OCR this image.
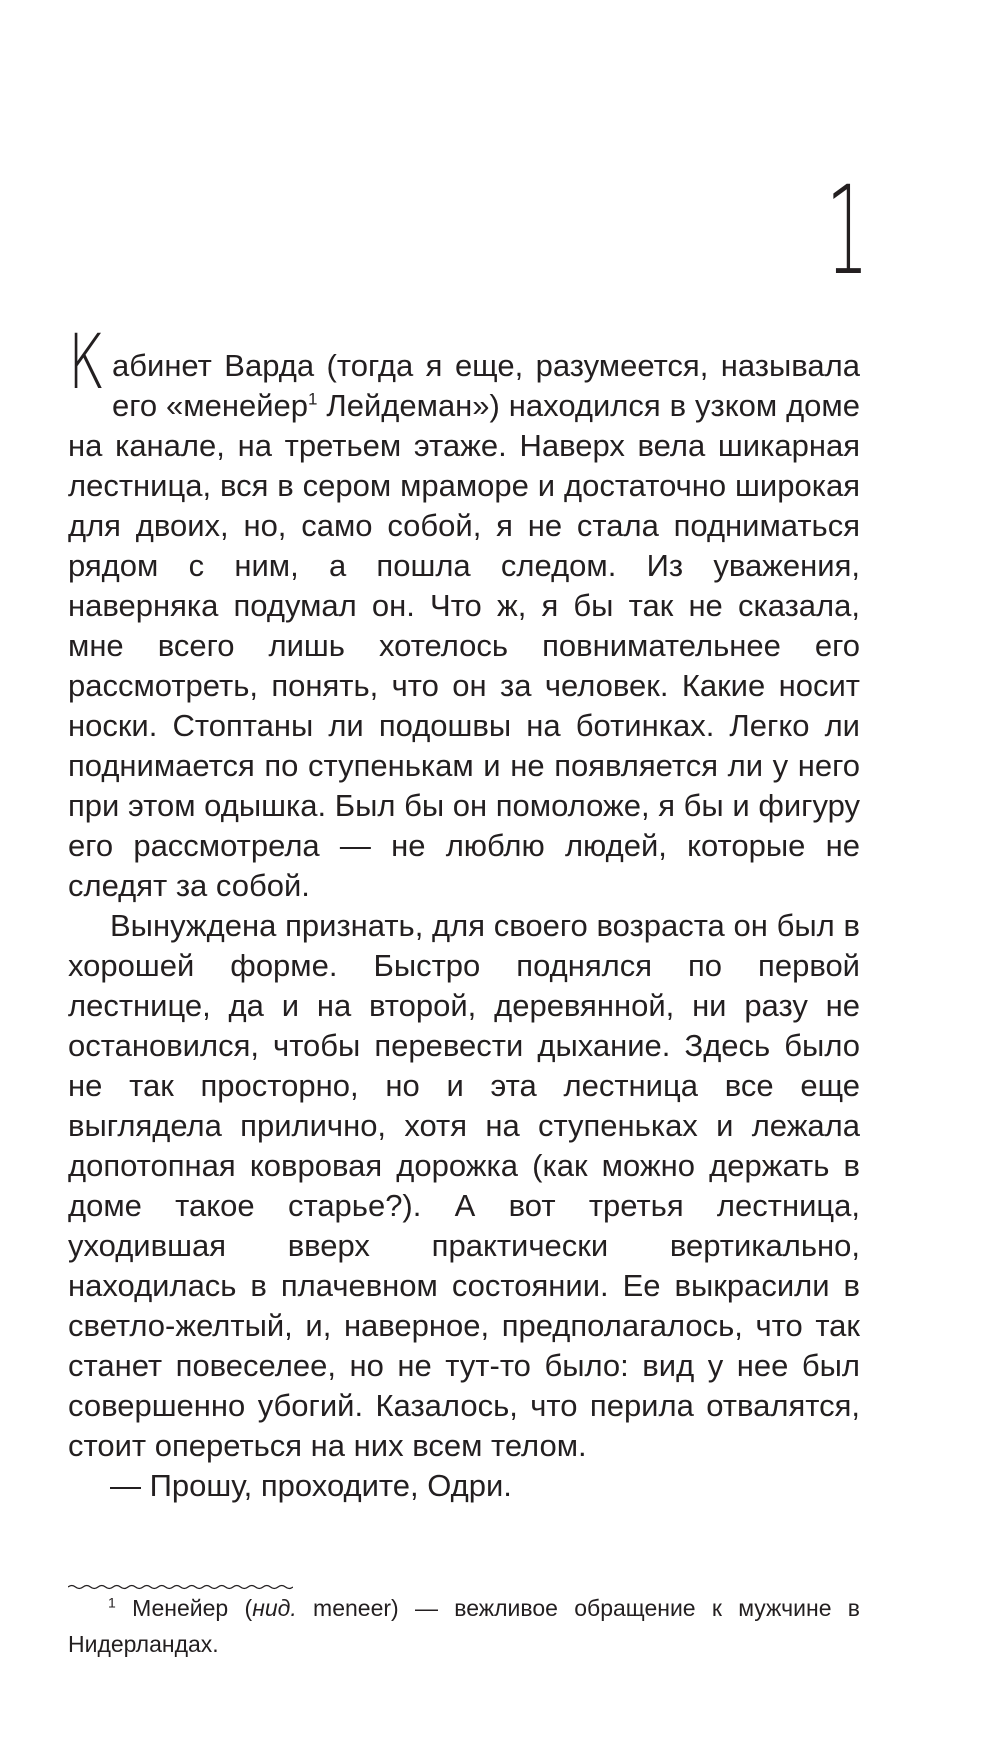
1

Кабинет Варда (тогда я еще, разумеется, называла его «менейер$^1$ Лейдеман») находился в узком доме на канале, на третьем этаже. Наверх вела шикарная лестница, вся в сером мраморе и достаточно широкая для двоих, но, само собой, я не стала подниматься рядом с ним, а пошла следом. Из уважения, наверняка подумал он. Что ж, я бы так не сказала, мне всего лишь хотелось повнимательнее его рассмотреть, понять, что он за человек. Какие носит носки. Стоптаны ли подошвы на ботинках. Легко ли поднимается по ступенькам и не появляется ли у него при этом одышка. Был бы он помоложе, я бы и фигуру его рассмотрела — не люблю людей, которые не следят за собой.

Вынуждена признать, для своего возраста он был в хорошей форме. Быстро поднялся по первой лестнице, да и на второй, деревянной, ни разу не остановился, чтобы перевести дыхание. Здесь было не так просторно, но и эта лестница все еще выглядела прилично, хотя на ступеньках и лежала допотопная ковровая дорожка (как можно держать в доме такое старье?). А вот третья лестница, уходившая вверх практически вертикально, находилась в плачевном состоянии. Ее выкрасили в светло-желтый, и, наверное, предполагалось, что так станет повеселее, но не тут-то было: вид у нее был совершенно убогий. Казалось, что перила отвалятся, стоит опереться на них всем телом.

— Прошу, проходите, Одри.

$^1$ Менейер (нид. meneer) — вежливое обращение к мужчине в Нидерландах.
